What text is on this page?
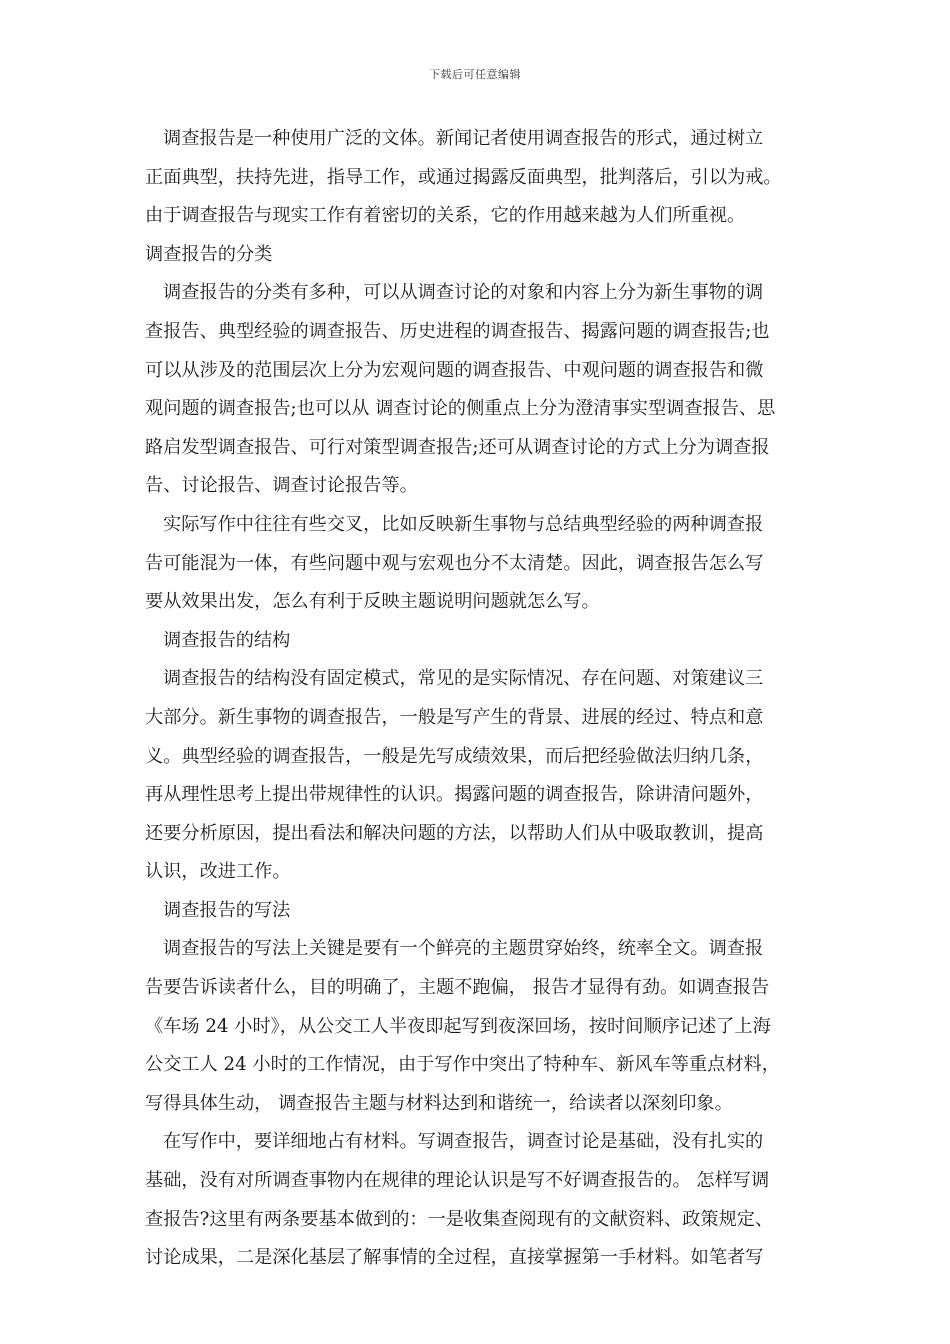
下载后可任意编辑
调查报告是一种使用广泛的文体。新闻记者使用调查报告的形式，通过树立
正面典型，扶持先进，指导工作，或通过揭露反面典型，批判落后，引以为戒。
由于调查报告与现实工作有着密切的关系，它的作用越来越为人们所重视。
调查报告的分类
调查报告的分类有多种，可以从调查讨论的对象和内容上分为新生事物的调
查报告、典型经验的调查报告、历史进程的调查报告、揭露问题的调查报告;也
可以从涉及的范围层次上分为宏观问题的调查报告、中观问题的调查报告和微
观问题的调查报告;也可以从 调查讨论的侧重点上分为澄清事实型调查报告、思
路启发型调查报告、可行对策型调查报告;还可从调查讨论的方式上分为调查报
告、讨论报告、调查讨论报告等。
实际写作中往往有些交叉，比如反映新生事物与总结典型经验的两种调查报
告可能混为一体，有些问题中观与宏观也分不太清楚。因此，调查报告怎么写
要从效果出发，怎么有利于反映主题说明问题就怎么写。
调查报告的结构
调查报告的结构没有固定模式，常见的是实际情况、存在问题、对策建议三
大部分。新生事物的调查报告，一般是写产生的背景、进展的经过、特点和意
义。典型经验的调查报告，一般是先写成绩效果，而后把经验做法归纳几条，
再从理性思考上提出带规律性的认识。揭露问题的调查报告，除讲清问题外，
还要分析原因，提出看法和解决问题的方法，以帮助人们从中吸取教训，提高
认识，改进工作。
调查报告的写法
调查报告的写法上关键是要有一个鲜亮的主题贯穿始终，统率全文。调查报
告要告诉读者什么，目的明确了，主题不跑偏， 报告才显得有劲。如调查报告
《车场 24 小时》，从公交工人半夜即起写到夜深回场，按时间顺序记述了上海
公交工人 24 小时的工作情况，由于写作中突出了特种车、新风车等重点材料，
写得具体生动， 调查报告主题与材料达到和谐统一，给读者以深刻印象。
在写作中，要详细地占有材料。写调查报告，调查讨论是基础，没有扎实的
基础，没有对所调查事物内在规律的理论认识是写不好调查报告的。 怎样写调
查报告?这里有两条要基本做到的：一是收集查阅现有的文献资料、政策规定、
讨论成果，二是深化基层了解事情的全过程，直接掌握第一手材料。如笔者写
